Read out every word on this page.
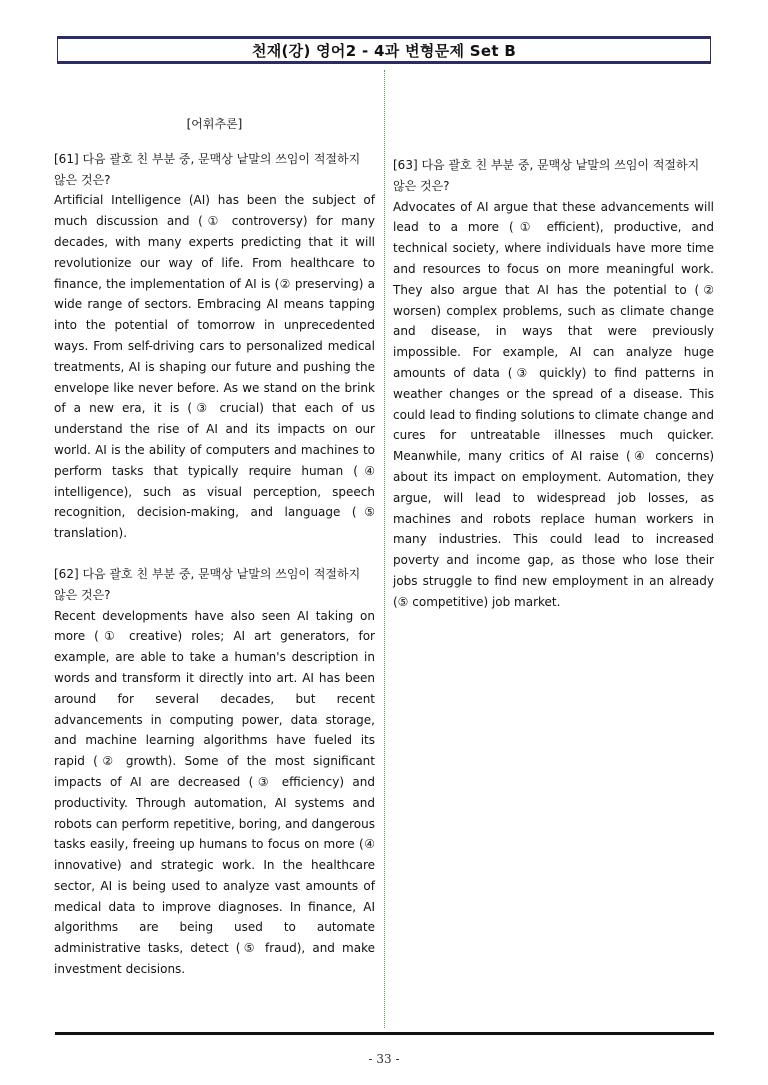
천재(강) 영어2 - 4과 변형문제 Set B
[어휘추론]

[61] 다음 괄호 친 부분 중, 문맥상 낱말의 쓰임이 적절하지 않은 것은?

Artificial Intelligence (AI) has been the subject of much discussion and (① controversy) for many decades, with many experts predicting that it will revolutionize our way of life. From healthcare to finance, the implementation of AI is (② preserving) a wide range of sectors. Embracing AI means tapping into the potential of tomorrow in unprecedented ways. From self-driving cars to personalized medical treatments, AI is shaping our future and pushing the envelope like never before. As we stand on the brink of a new era, it is (③ crucial) that each of us understand the rise of AI and its impacts on our world. AI is the ability of computers and machines to perform tasks that typically require human (④ intelligence), such as visual perception, speech recognition, decision-making, and language (⑤ translation).

[62] 다음 괄호 친 부분 중, 문맥상 낱말의 쓰임이 적절하지 않은 것은?

Recent developments have also seen AI taking on more (① creative) roles; AI art generators, for example, are able to take a human's description in words and transform it directly into art. AI has been around for several decades, but recent advancements in computing power, data storage, and machine learning algorithms have fueled its rapid (② growth). Some of the most significant impacts of AI are decreased (③ efficiency) and productivity. Through automation, AI systems and robots can perform repetitive, boring, and dangerous tasks easily, freeing up humans to focus on more (④ innovative) and strategic work. In the healthcare sector, AI is being used to analyze vast amounts of medical data to improve diagnoses. In finance, AI algorithms are being used to automate administrative tasks, detect (⑤ fraud), and make investment decisions.

[63] 다음 괄호 친 부분 중, 문맥상 낱말의 쓰임이 적절하지 않은 것은?

Advocates of AI argue that these advancements will lead to a more (① efficient), productive, and technical society, where individuals have more time and resources to focus on more meaningful work. They also argue that AI has the potential to (② worsen) complex problems, such as climate change and disease, in ways that were previously impossible. For example, AI can analyze huge amounts of data (③ quickly) to find patterns in weather changes or the spread of a disease. This could lead to finding solutions to climate change and cures for untreatable illnesses much quicker. Meanwhile, many critics of AI raise (④ concerns) about its impact on employment. Automation, they argue, will lead to widespread job losses, as machines and robots replace human workers in many industries. This could lead to increased poverty and income gap, as those who lose their jobs struggle to find new employment in an already (⑤ competitive) job market.

- 33 -
